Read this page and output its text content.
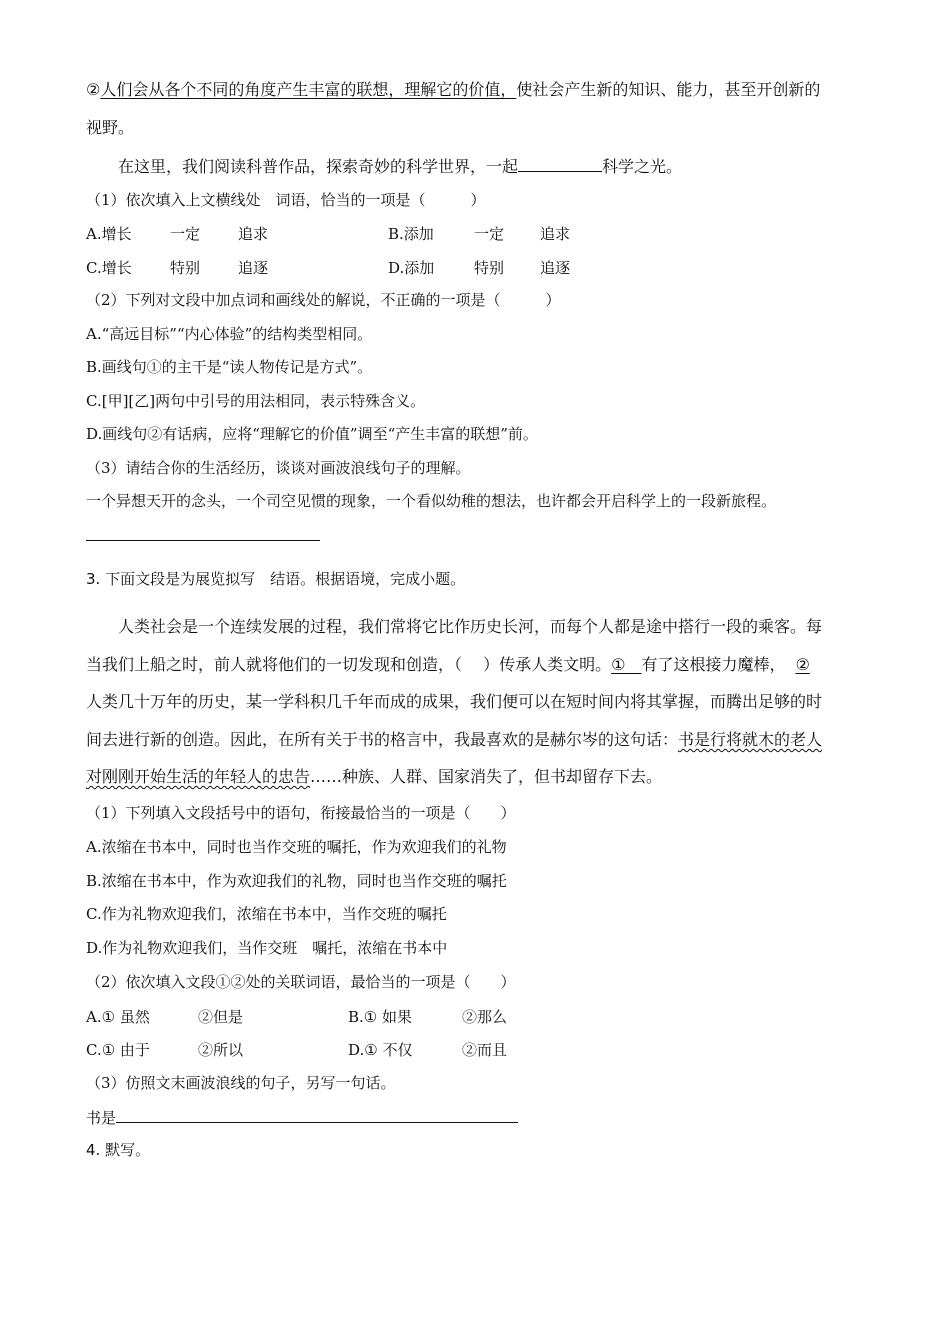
②人们会从各个不同的角度产生丰富的联想，理解它的价值，使社会产生新的知识、能力，甚至开创新的
视野。
在这里，我们阅读科普作品，探索奇妙的科学世界，一起	科学之光。
（1）依次填入上文横线处　词语，恰当的一项是（　　　）
A.增长	一定	追求	B.添加	一定 追求
C.增长	特别	追逐	D.添加	特别 追逐
（2）下列对文段中加点词和画线处的解说，不正确的一项是（　　　）
A.“高远目标”“内心体验”的结构类型相同。
B.画线句①的主干是“读人物传记是方式”。
C.[甲][乙]两句中引号的用法相同，表示特殊含义。
D.画线句②有话病，应将“理解它的价值”调至“产生丰富的联想”前。
（3）请结合你的生活经历，谈谈对画波浪线句子的理解。
一个异想天开的念头，一个司空见惯的现象，一个看似幼稚的想法，也许都会开启科学上的一段新旅程。
3. 下面文段是为展览拟写　结语。根据语境，完成小题。
人类社会是一个连续发展的过程，我们常将它比作历史长河，而每个人都是途中搭行一段的乘客。每
当我们上船之时，前人就将他们的一切发现和创造，（　 ）传承人类文明。①　有了这根接力魔棒， ②
人类几十万年的历史，某一学科积几千年而成的成果，我们便可以在短时间内将其掌握，而腾出足够的时
间去进行新的创造。因此，在所有关于书的格言中，我最喜欢的是赫尔岑的这句话：书是行将就木的老人
对刚刚开始生活的年轻人的忠告……种族、人群、国家消失了，但书却留存下去。
（1）下列填入文段括号中的语句，衔接最恰当的一项是（　　）
A.浓缩在书本中，同时也当作交班的嘱托，作为欢迎我们的礼物
B.浓缩在书本中，作为欢迎我们的礼物，同时也当作交班的嘱托
C.作为礼物欢迎我们，浓缩在书本中，当作交班的嘱托
D.作为礼物欢迎我们，当作交班　嘱托，浓缩在书本中
（2）依次填入文段①②处的关联词语，最恰当的一项是（　　）
A.① 虽然	②但是	B.① 如果	②那么
C.① 由于	②所以	D.① 不仅	②而且
（3）仿照文末画波浪线的句子，另写一句话。
书是
4. 默写。
